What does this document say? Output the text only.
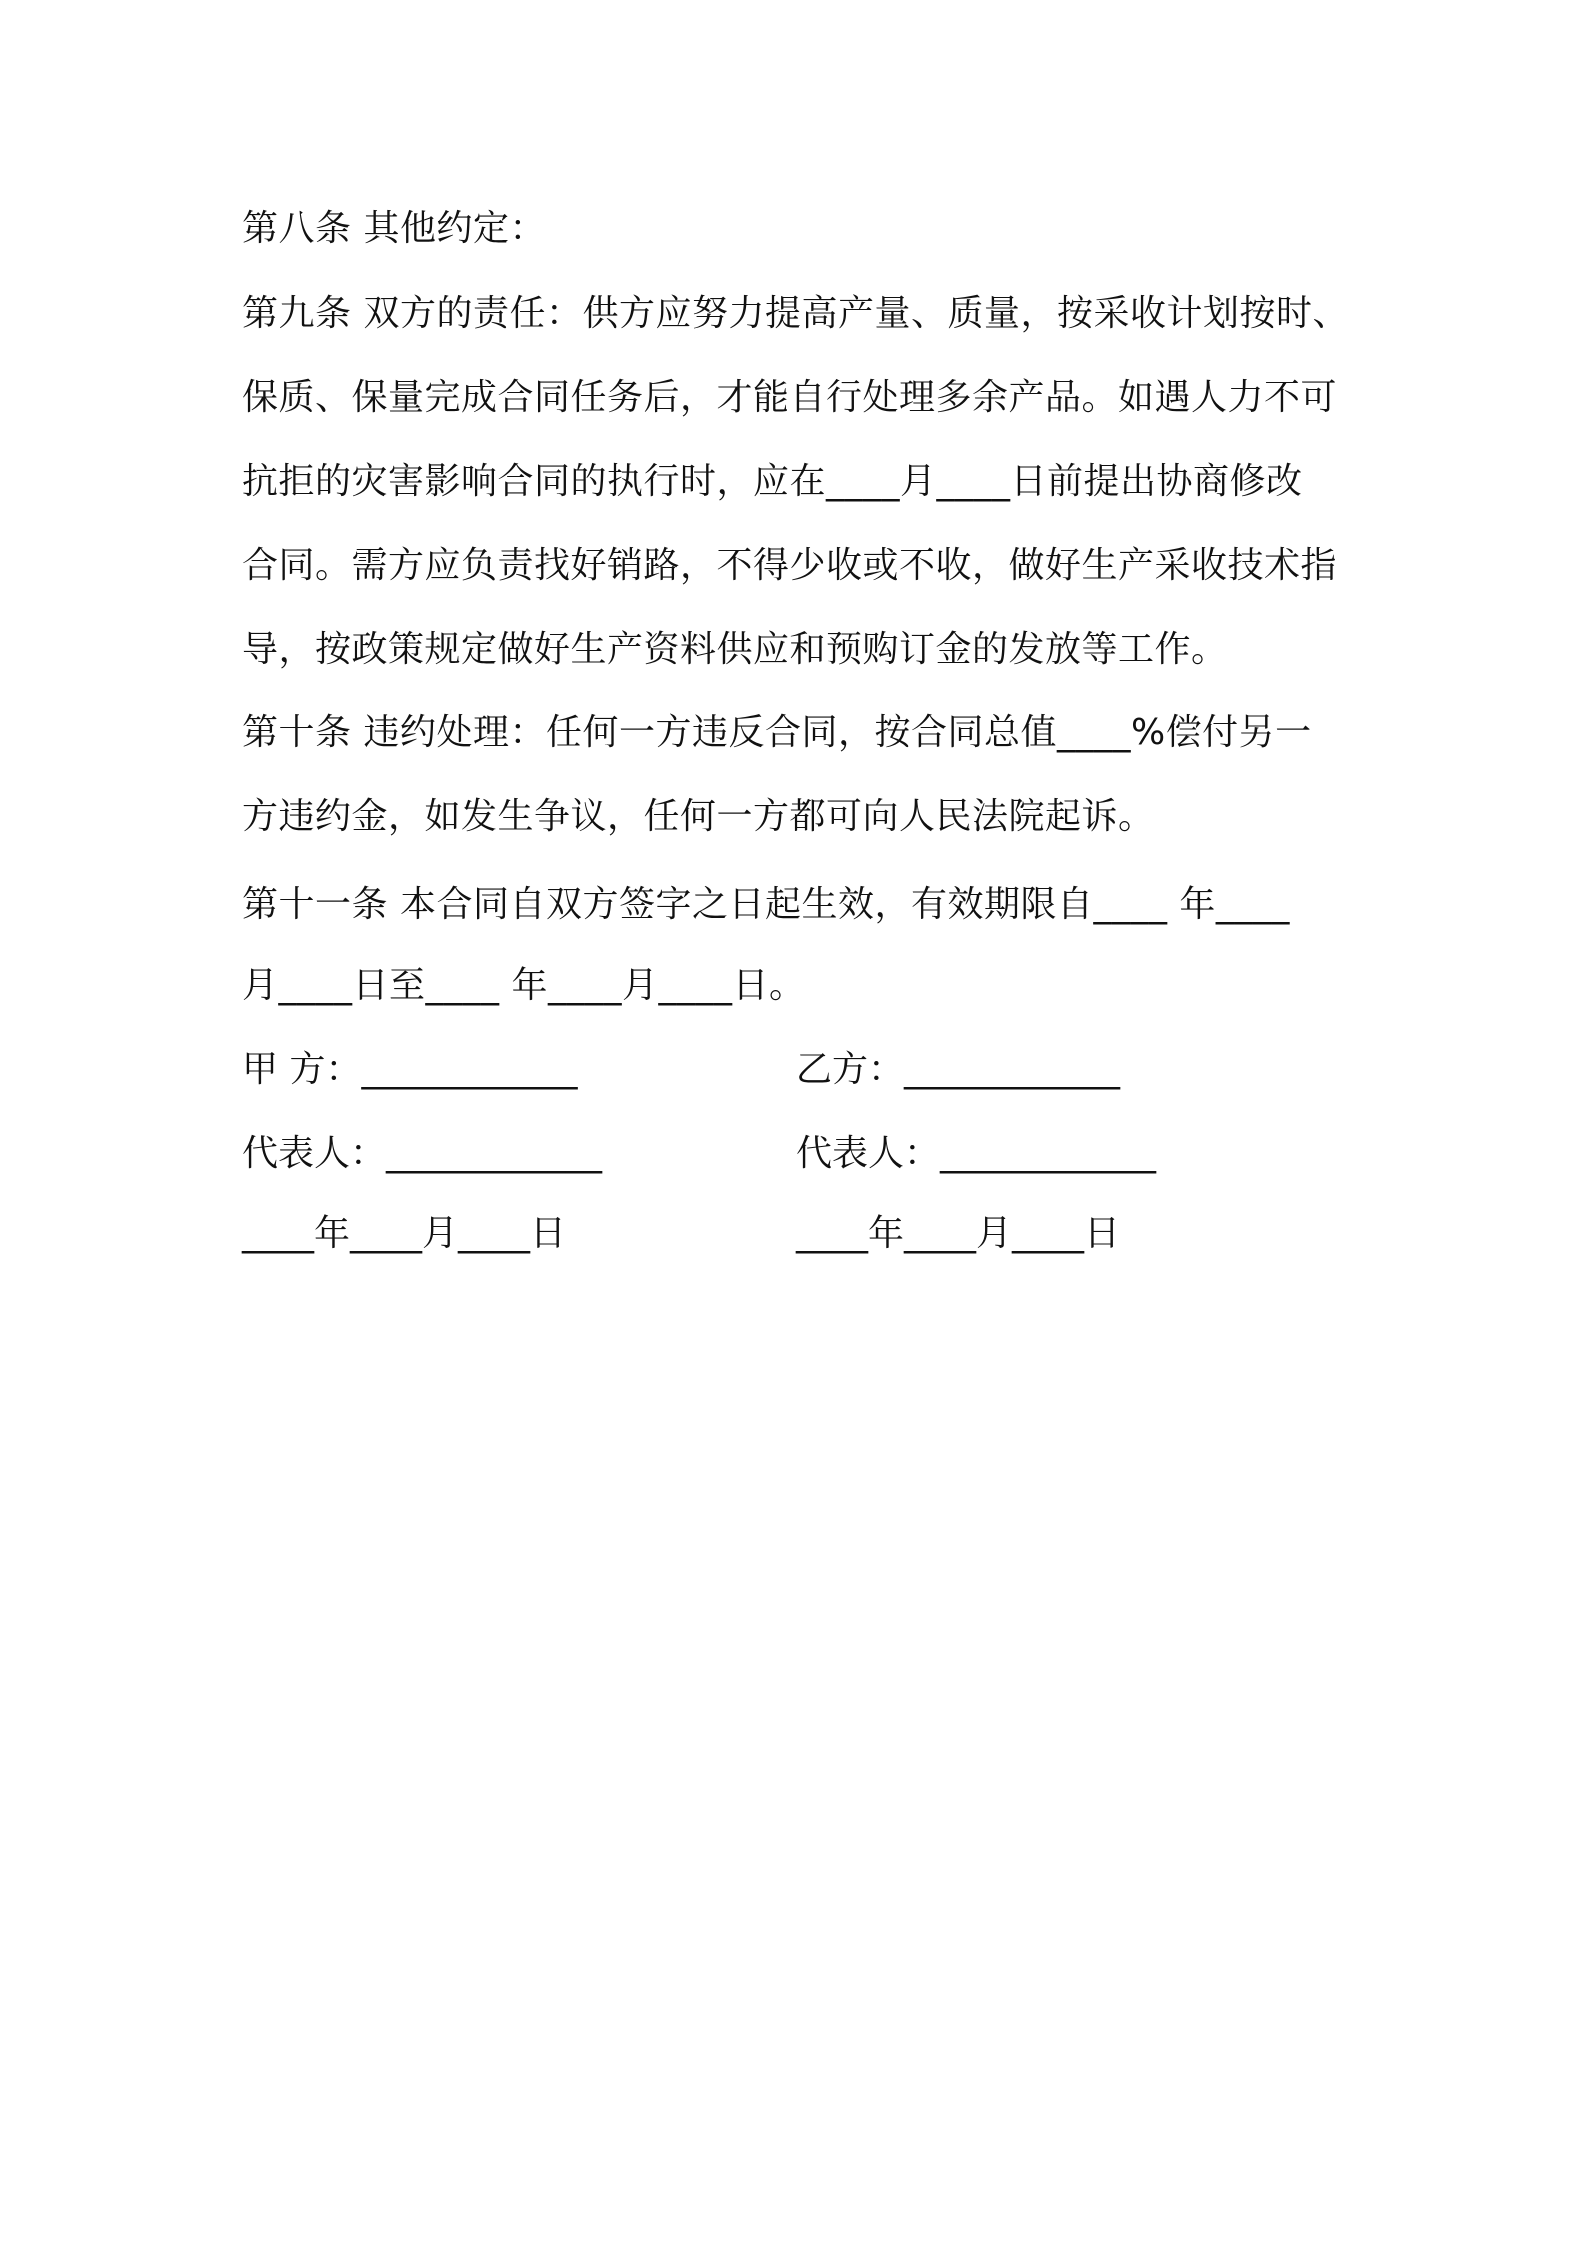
第八条 其他约定：
第九条 双方的责任：供方应努力提高产量、质量，按采收计划按时、
保质、保量完成合同任务后，才能自行处理多余产品。如遇人力不可
抗拒的灾害影响合同的执行时，应在____月____日前提出协商修改
合同。需方应负责找好销路，不得少收或不收，做好生产采收技术指
导，按政策规定做好生产资料供应和预购订金的发放等工作。
第十条 违约处理：任何一方违反合同，按合同总值____%偿付另一
方违约金，如发生争议，任何一方都可向人民法院起诉。
第十一条 本合同自双方签字之日起生效，有效期限自____ 年____
月____日至____ 年____月____日。
甲 方：____________	乙方：____________
代表人：____________	代表人：____________
____年____月____日	____年____月____日
